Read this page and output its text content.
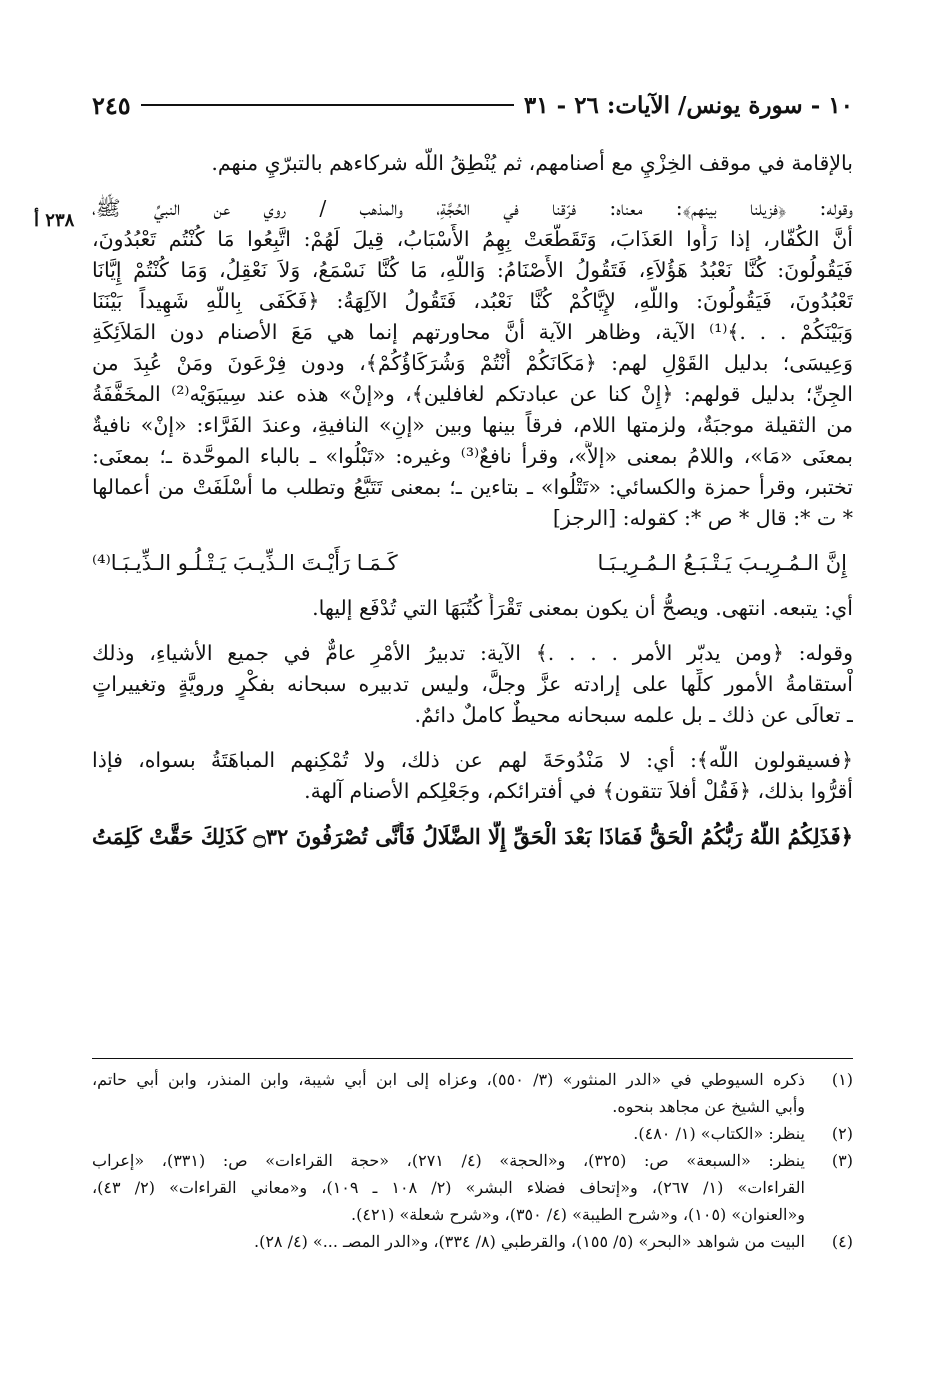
١٠ - سورة يونس/ الآيات: ٢٦ - ٣١
٢٤٥
٢٣٨ أ
بالإقامة في موقف الخِزْيِ مع أصنامهم، ثم يُنْطِقُ اللَّه شركاءهم بالتبرّيِ منهم.
وقوله: ﴿فزيلنا بينهم﴾: معناه: فرّقنا في الحُجَّةِ، والمذهب / روي عن النبيِّ ﷺ،
أنَّ الكُفّار، إذا رَأَوا العَذَابَ، وَتَقَطَّعَتْ بِهِمُ الأَسْبَابُ، قِيلَ لَهُمْ: اتَّبِعُوا مَا كُنْتُم تَعْبُدُونَ،
فَيَقُولُونَ: كُنَّا نَعْبُدُ هَؤُلاَءِ، فَتَقُولُ الأَصْنَامُ: وَاللَّهِ، مَا كُنَّا نَسْمَعُ، وَلاَ نَعْقِلُ، وَمَا كُنْتُمْ إِيَّانَا
تَعْبُدُونَ، فَيَقُولُونَ: واللَّهِ، لإِيَّاكُمْ كُنَّا نَعْبُد، فَتَقُولُ الآلِهَةُ: ﴿فَكَفَى بِاللَّهِ شَهِيداً بَيْنَنَا
وَبَيْنَكُمْ . . .﴾⁽¹⁾ الآية، وظاهر الآية أنَّ محاورتهم إنما هي مَعَ الأصنام دون المَلاَئِكَةِ
وَعِيسَى؛ بدليل القَوْلِ لهم: ﴿مَكَانَكُمْ أَنْتُمْ وَشُرَكَاؤُكُمْ﴾، ودون فِرْعَونَ ومَنْ عُبِدَ من
الجِنِّ؛ بدليل قولهم: ﴿إِنْ كنا عن عبادتكم لغافلين﴾، و«إنْ» هذه عند سِيبَوَيْه⁽²⁾ المخَفَّفَةُ
من الثقيلة موجبَةٌ، ولزمتها اللام، فرقاً بينها وبين «إنِ» النافيةِ، وعندَ الفَرَّاء: «إنْ» نافيةٌ
بمعنَى «مَا»، واللامُ بمعنى «إلاَّ»، وقرأ نافعٌ⁽³⁾ وغيره: «تَبْلُوا» ـ بالباء الموحَّدة ـ؛ بمعنَى:
تختبر، وقرأ حمزة والكسائي: «تَتْلُوا» ـ بتاءين ـ؛ بمعنى تَتَبَّعُ وتطلب ما أسْلَفَتْ من أعمالها
* ت *: قال * ص *: كقوله: [الرجز]
إِنَّ الـمُـرِيـبَ يَـتْـبَـعُ الـمُـرِيـبَـا
كَـمَـا رَأَيْـتَ الـذِّيـبَ يَـتْـلُـو الـذِّيـبَـا⁽⁴⁾
أي: يتبعه. انتهى. ويصحُّ أن يكون بمعنى تَقْرَأُ كُتُبَهَا التي تُدْفَع إليها.
وقوله: ﴿ومن يدبّر الأمر . . . .﴾ الآية: تدبيرُ الأمْرِ عامٌّ في جميع الأشياءِ، وذلك
اْستقامةُ الأمور كلِّها على إرادته عزَّ وجلَّ، وليس تدبيره سبحانه بفكْرٍ ورويَّةٍ وتغييراتٍ
ـ تعالَى عن ذلك ـ بل علمه سبحانه محيطٌ كاملٌ دائمٌ.
﴿فسيقولون اللَّه﴾: أي: لا مَنْدُوحَةَ لهم عن ذلك، ولا تُمْكِنهم المباهَتَةُ بسواه، فإذا
أقرُّوا بذلك، ﴿فَقُلْ أفلاَ تتقون﴾ في أفترائكم، وجَعْلِكم الأصنام آلهة.
﴿فَذَلِكُمُ اللَّهُ رَبُّكُمُ الْحَقُّ فَمَاذَا بَعْدَ الْحَقِّ إِلَّا الضَّلَالُ فَأَنَّى تُصْرَفُونَ ۝٣٢ كَذَلِكَ حَقَّتْ كَلِمَتُ
(١)
ذكره السيوطي في «الدر المنثور» (٣/ ٥٥٠)، وعزاه إلى ابن أبي شيبة، وابن المنذر، وابن أبي حاتم،
وأبي الشيخ عن مجاهد بنحوه.
(٢)
ينظر: «الكتاب» (١/ ٤٨٠).
(٣)
ينظر: «السبعة» ص: (٣٢٥)، و«الحجة» (٤/ ٢٧١)، «حجة القراءات» ص: (٣٣١)، «إعراب
القراءات» (١/ ٢٦٧)، و«إتحاف فضلاء البشر» (٢/ ١٠٨ ـ ١٠٩)، و«معاني القراءات» (٢/ ٤٣)،
و«العنوان» (١٠٥)، و«شرح الطيبة» (٤/ ٣٥٠)، و«شرح شعلة» (٤٢١).
(٤)
البيت من شواهد «البحر» (٥/ ١٥٥)، والقرطبي (٨/ ٣٣٤)، و«الدر المصـ ...» (٤/ ٢٨).
